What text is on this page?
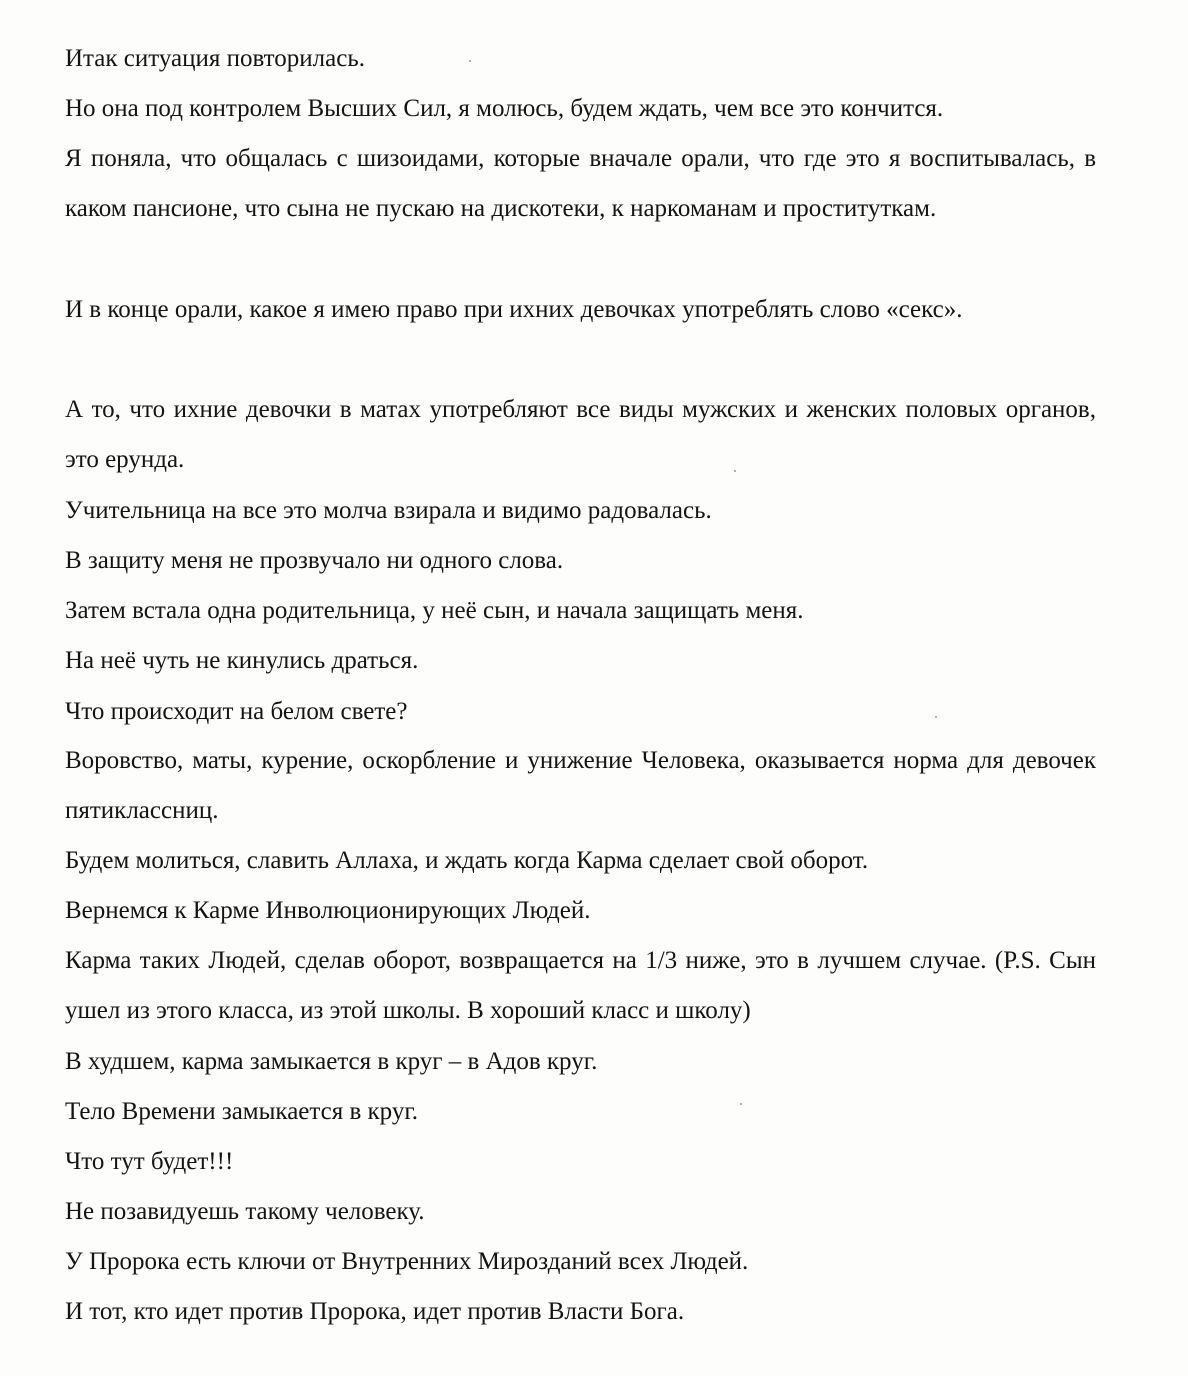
Итак ситуация повторилась.

Но она под контролем Высших Сил, я молюсь, будем ждать, чем все это кончится.

Я поняла, что общалась с шизоидами, которые вначале орали, что где это я воспитывалась, в каком пансионе, что сына не пускаю на дискотеки, к наркоманам и проституткам.

И в конце орали, какое я имею право при ихних девочках употреблять слово «секс».

А то, что ихние девочки в матах употребляют все виды мужских и женских половых органов, это ерунда.

Учительница на все это молча взирала и видимо радовалась.

В защиту меня не прозвучало ни одного слова.

Затем встала одна родительница, у неё сын, и начала защищать меня.

На неё чуть не кинулись драться.

Что происходит на белом свете?

Воровство, маты, курение, оскорбление и унижение Человека, оказывается норма для девочек пятиклассниц.

Будем молиться, славить Аллаха, и ждать когда Карма сделает свой оборот.

Вернемся к Карме Инволюционирующих Людей.

Карма таких Людей, сделав оборот, возвращается на 1/3 ниже, это в лучшем случае. (P.S. Сын ушел из этого класса, из этой школы. В хороший класс и школу)

В худшем, карма замыкается в круг – в Адов круг.

Тело Времени замыкается в круг.

Что тут будет!!!

Не позавидуешь такому человеку.

У Пророка есть ключи от Внутренних Мирозданий всех Людей.

И тот, кто идет против Пророка, идет против Власти Бога.
